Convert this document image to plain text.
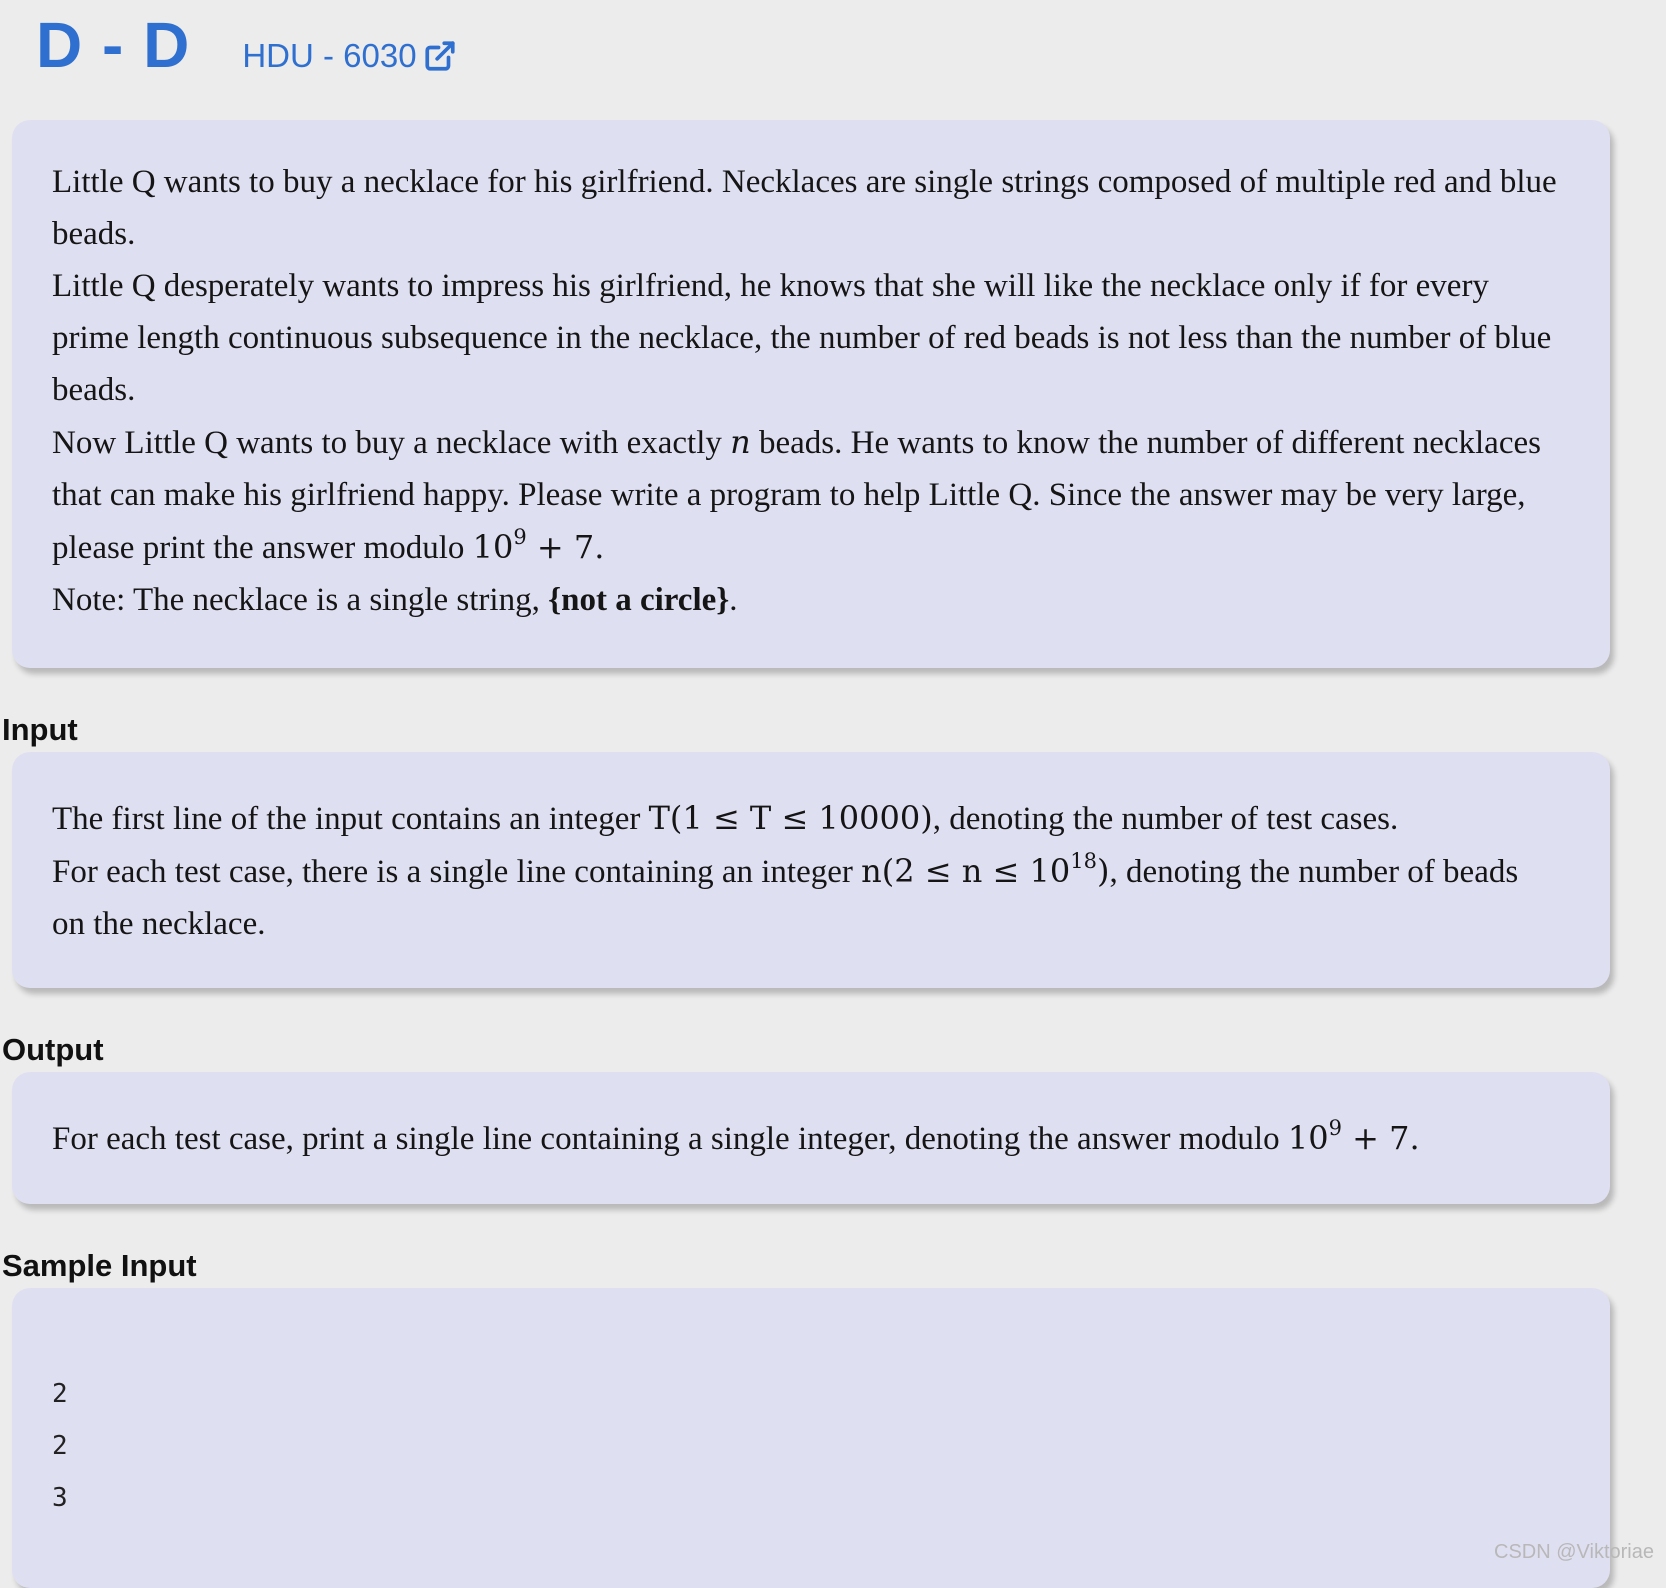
D - D HDU - 6030

Little Q wants to buy a necklace for his girlfriend. Necklaces are single strings composed of multiple red and blue beads.

Little Q desperately wants to impress his girlfriend, he knows that she will like the necklace only if for every prime length continuous subsequence in the necklace, the number of red beads is not less than the number of blue beads.

Now Little Q wants to buy a necklace with exactly n beads. He wants to know the number of different necklaces that can make his girlfriend happy. Please write a program to help Little Q. Since the answer may be very large, please print the answer modulo $10^9 + 7$.

Note: The necklace is a single string, {not a circle}.

Input

The first line of the input contains an integer T(1 ≤ T ≤ 10000), denoting the number of test cases.

For each test case, there is a single line containing an integer $n(2 \le n \le 10^{18})$, denoting the number of beads on the necklace.

Output

For each test case, print a single line containing a single integer, denoting the answer modulo $10^9 + 7$.

Sample Input
2
2
3
CSDN @Viktoriae
